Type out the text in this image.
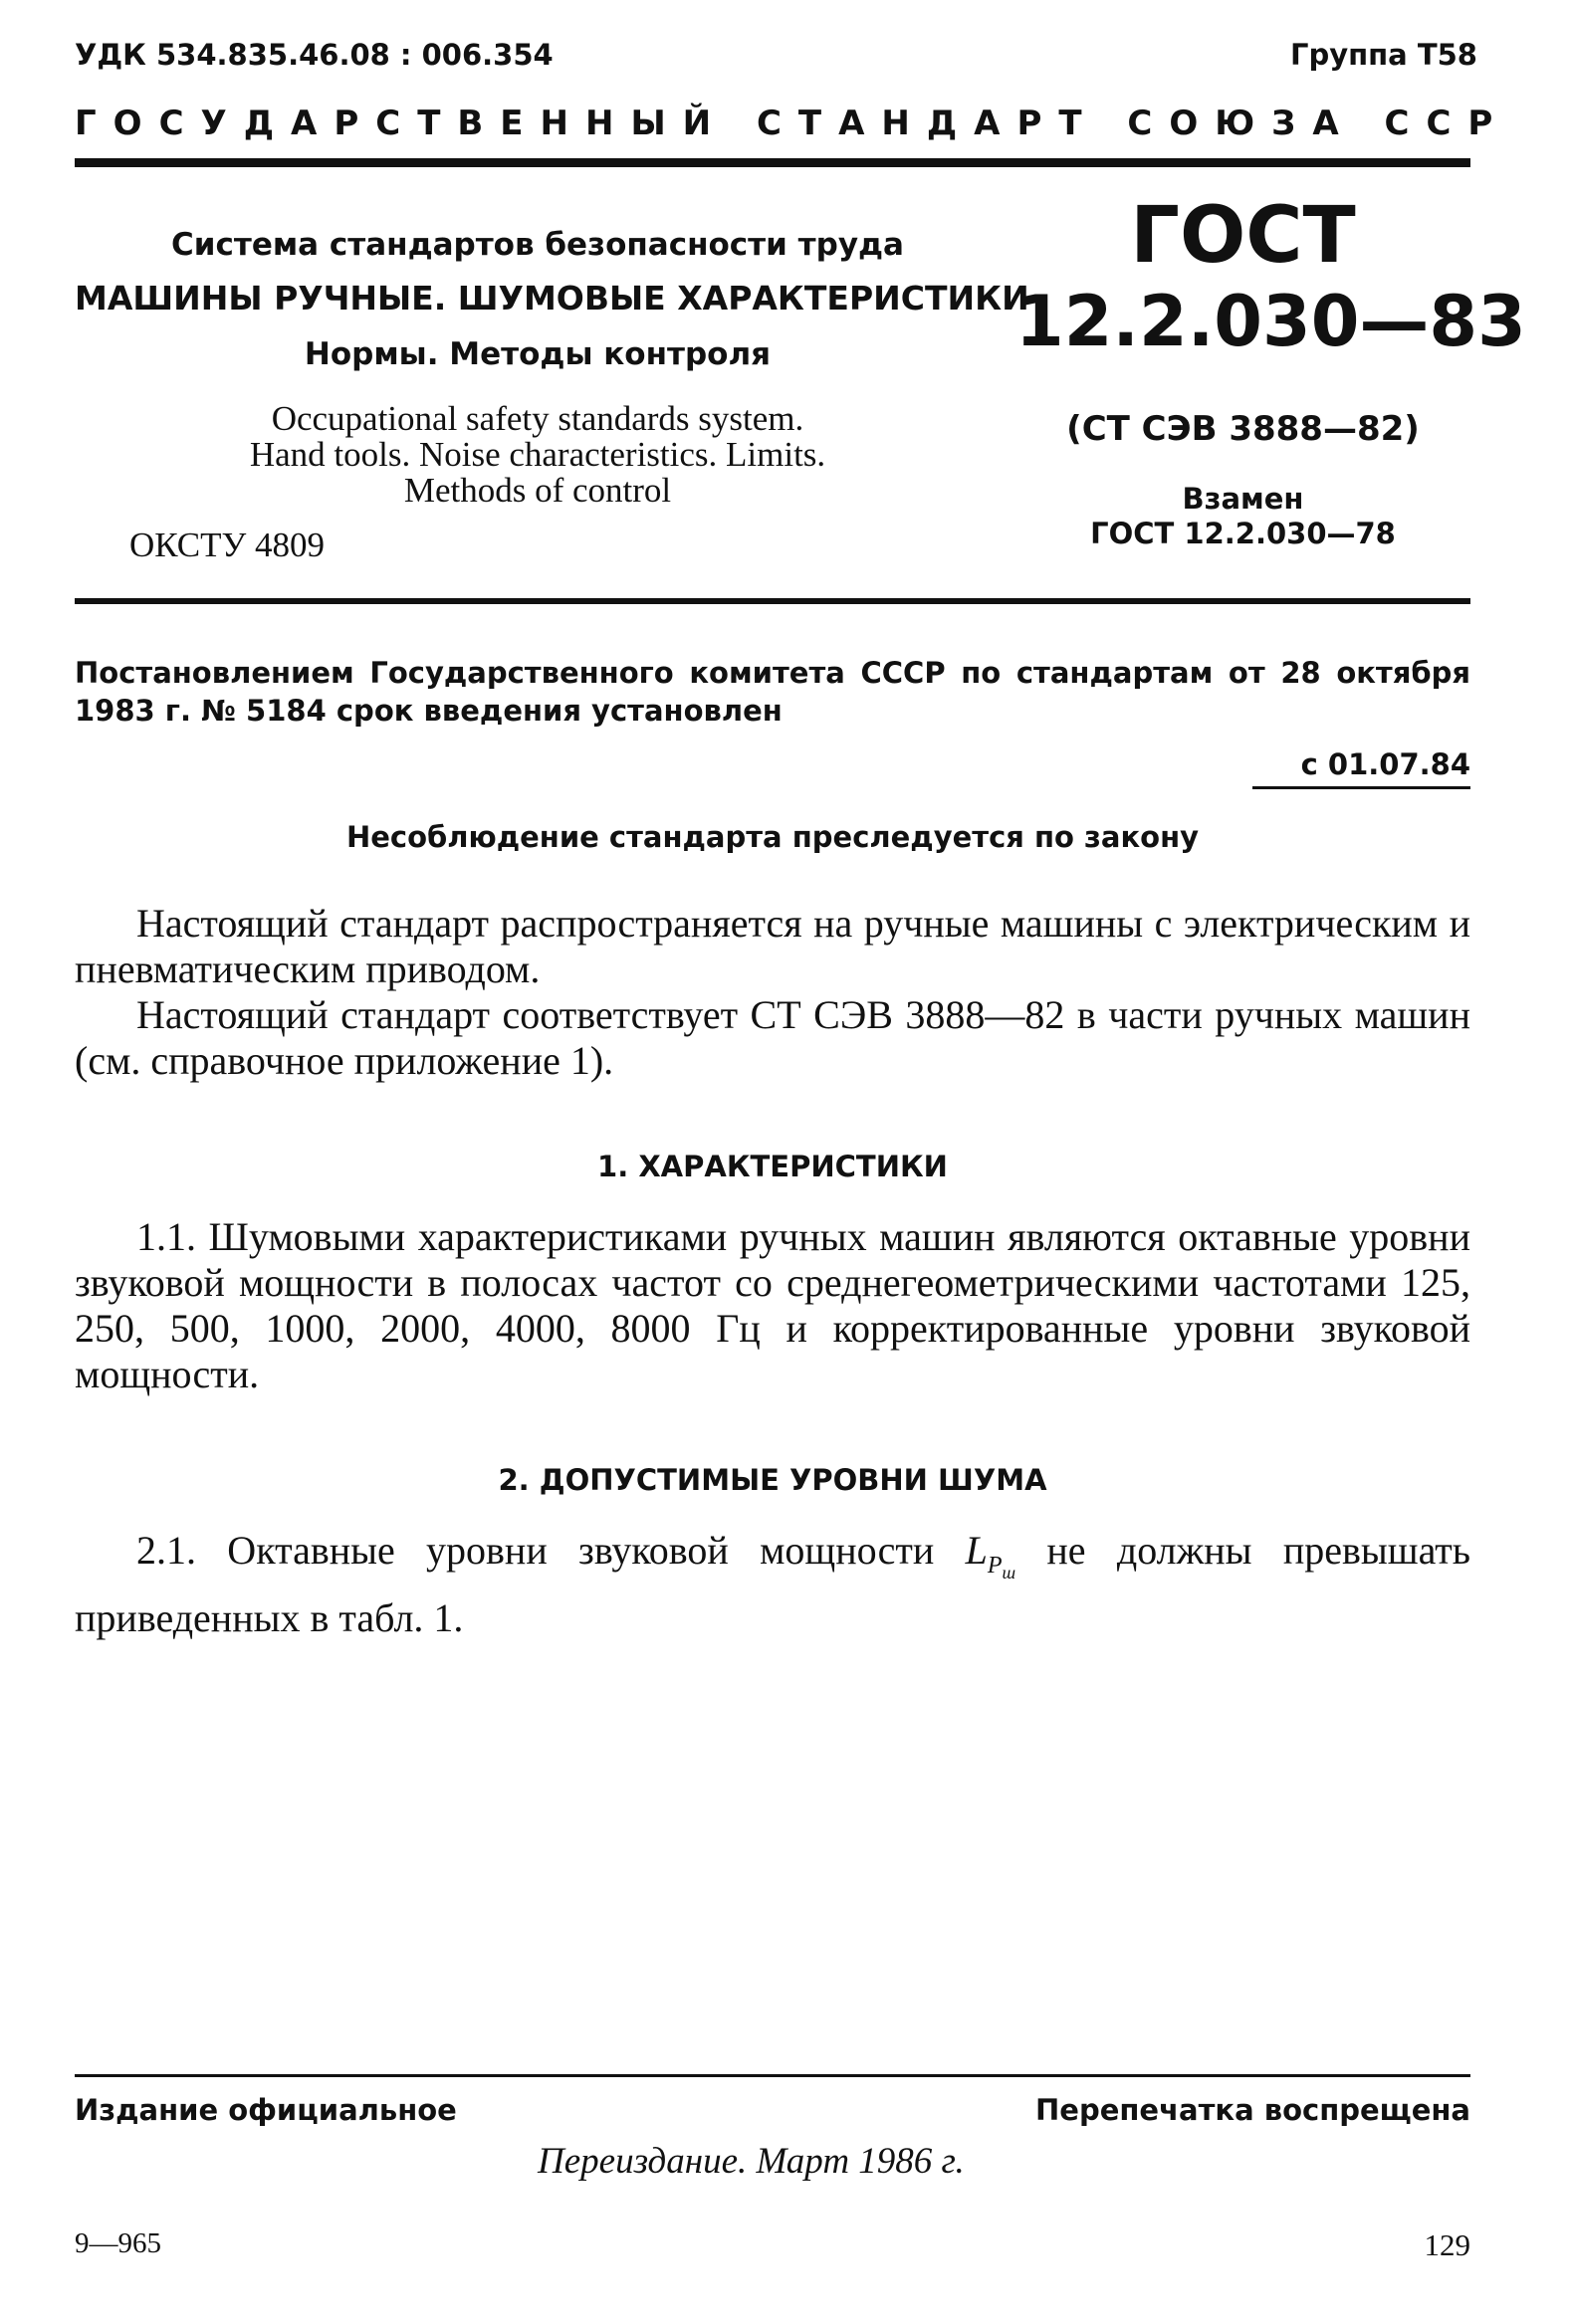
УДК 534.835.46.08 : 006.354	Группа Т58
ГОСУДАРСТВЕННЫЙ СТАНДАРТ СОЮЗА ССР
Система стандартов безопасности труда
МАШИНЫ РУЧНЫЕ. ШУМОВЫЕ ХАРАКТЕРИСТИКИ
Нормы. Методы контроля
Occupational safety standards system.
Hand tools. Noise characteristics. Limits.
Methods of control
ОКСТУ 4809
ГОСТ
12.2.030—83
(СТ СЭВ 3888—82)
Взамен
ГОСТ 12.2.030—78
Постановлением Государственного комитета СССР по стандартам от 28 октября 1983 г. № 5184 срок введения установлен
с 01.07.84
Несоблюдение стандарта преследуется по закону
Настоящий стандарт распространяется на ручные машины с электрическим и пневматическим приводом.
Настоящий стандарт соответствует СТ СЭВ 3888—82 в части ручных машин (см. справочное приложение 1).
1. ХАРАКТЕРИСТИКИ
1.1. Шумовыми характеристиками ручных машин являются октавные уровни звуковой мощности в полосах частот со среднегеометрическими частотами 125, 250, 500, 1000, 2000, 4000, 8000 Гц и корректированные уровни звуковой мощности.
2. ДОПУСТИМЫЕ УРОВНИ ШУМА
2.1. Октавные уровни звуковой мощности $L_{P_ш}$ не должны превышать приведенных в табл. 1.
Издание официальное	Перепечатка воспрещена
Переиздание. Март 1986 г.
9—965	129
